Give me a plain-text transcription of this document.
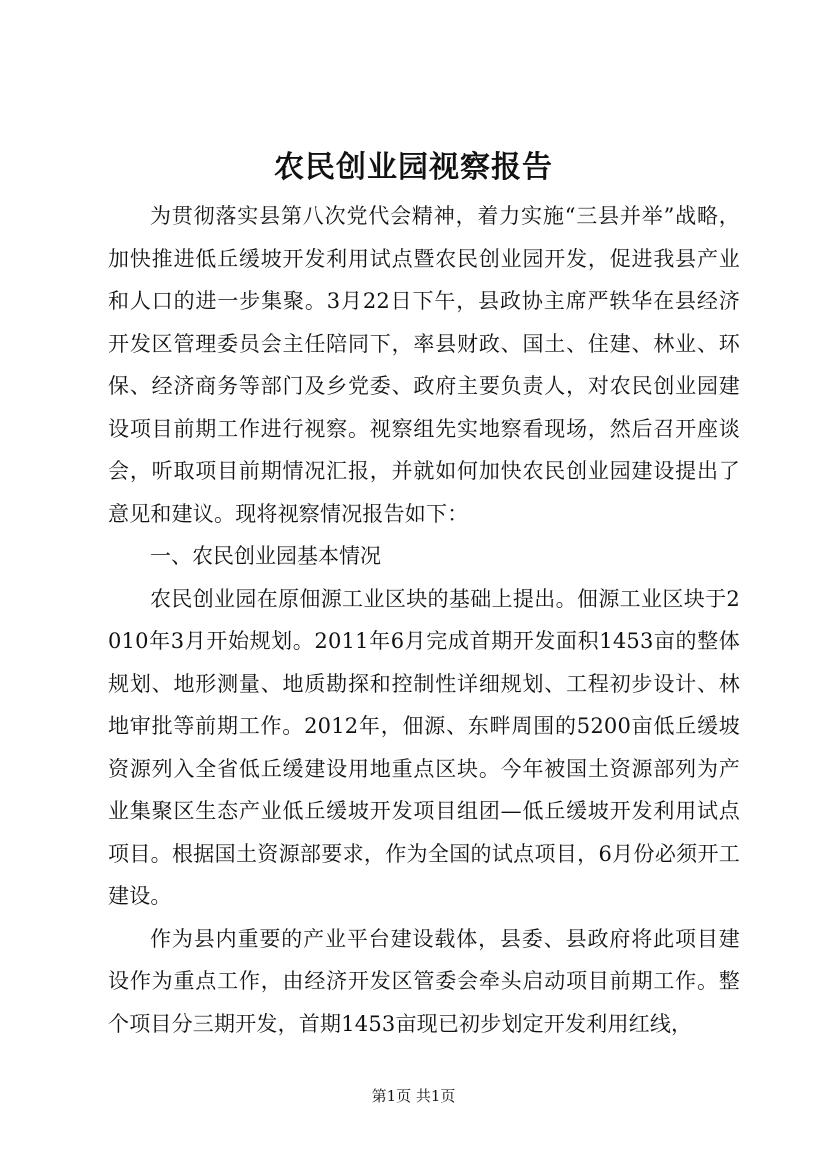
农民创业园视察报告

为贯彻落实县第八次党代会精神，着力实施“三县并举”战略，加快推进低丘缓坡开发利用试点暨农民创业园开发，促进我县产业和人口的进一步集聚。3月22日下午，县政协主席严轶华在县经济开发区管理委员会主任陪同下，率县财政、国土、住建、林业、环保、经济商务等部门及乡党委、政府主要负责人，对农民创业园建设项目前期工作进行视察。视察组先实地察看现场，然后召开座谈会，听取项目前期情况汇报，并就如何加快农民创业园建设提出了意见和建议。现将视察情况报告如下：

一、农民创业园基本情况

农民创业园在原佃源工业区块的基础上提出。佃源工业区块于2010年3月开始规划。2011年6月完成首期开发面积1453亩的整体规划、地形测量、地质勘探和控制性详细规划、工程初步设计、林地审批等前期工作。2012年，佃源、东畔周围的5200亩低丘缓坡资源列入全省低丘缓建设用地重点区块。今年被国土资源部列为产业集聚区生态产业低丘缓坡开发项目组团—低丘缓坡开发利用试点项目。根据国土资源部要求，作为全国的试点项目，6月份必须开工建设。

作为县内重要的产业平台建设载体，县委、县政府将此项目建设作为重点工作，由经济开发区管委会牵头启动项目前期工作。整个项目分三期开发，首期1453亩现已初步划定开发利用红线，

第1页 共1页
